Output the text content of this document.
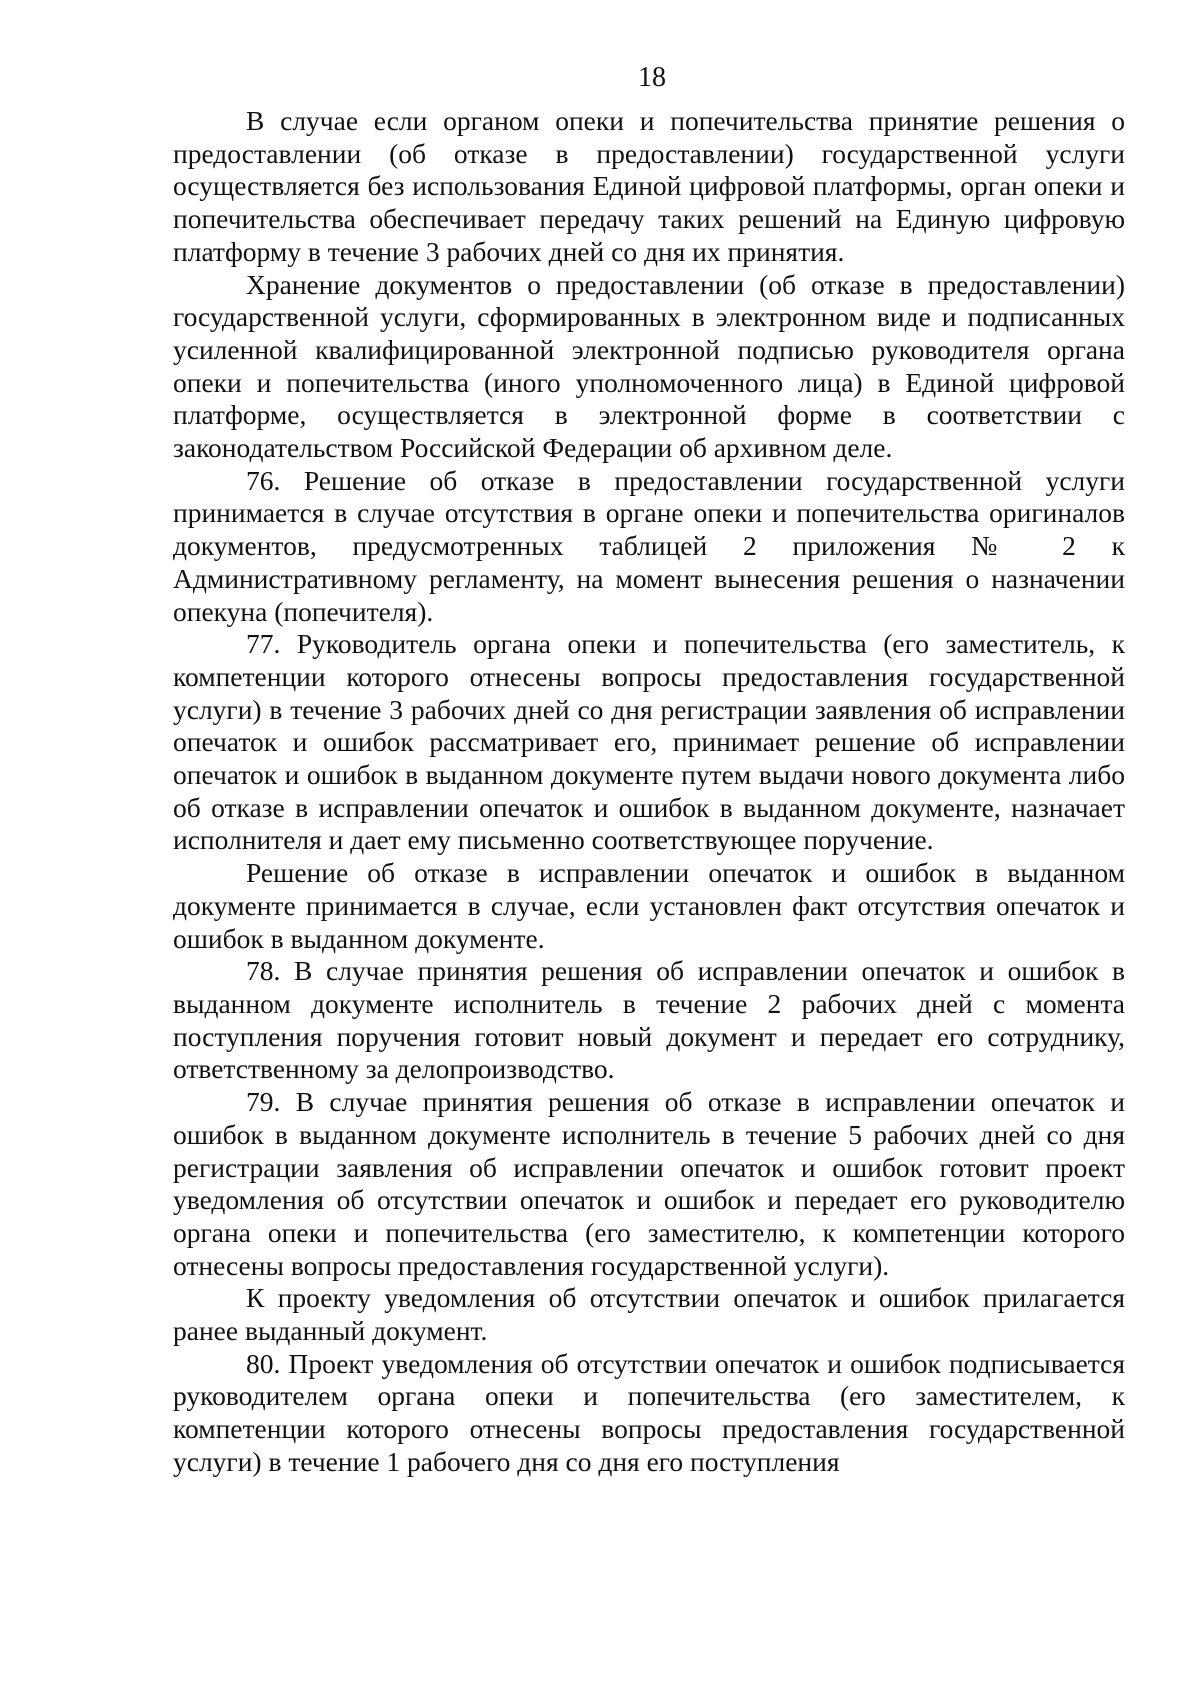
18

В случае если органом опеки и попечительства принятие решения о предоставлении (об отказе в предоставлении) государственной услуги осуществляется без использования Единой цифровой платформы, орган опеки и попечительства обеспечивает передачу таких решений на Единую цифровую платформу в течение 3 рабочих дней со дня их принятия.

Хранение документов о предоставлении (об отказе в предоставлении) государственной услуги, сформированных в электронном виде и подписанных усиленной квалифицированной электронной подписью руководителя органа опеки и попечительства (иного уполномоченного лица) в Единой цифровой платформе, осуществляется в электронной форме в соответствии с законодательством Российской Федерации об архивном деле.

76. Решение об отказе в предоставлении государственной услуги принимается в случае отсутствия в органе опеки и попечительства оригиналов документов, предусмотренных таблицей 2 приложения № 2 к Административному регламенту, на момент вынесения решения о назначении опекуна (попечителя).

77. Руководитель органа опеки и попечительства (его заместитель, к компетенции которого отнесены вопросы предоставления государственной услуги) в течение 3 рабочих дней со дня регистрации заявления об исправлении опечаток и ошибок рассматривает его, принимает решение об исправлении опечаток и ошибок в выданном документе путем выдачи нового документа либо об отказе в исправлении опечаток и ошибок в выданном документе, назначает исполнителя и дает ему письменно соответствующее поручение.

Решение об отказе в исправлении опечаток и ошибок в выданном документе принимается в случае, если установлен факт отсутствия опечаток и ошибок в выданном документе.

78. В случае принятия решения об исправлении опечаток и ошибок в выданном документе исполнитель в течение 2 рабочих дней с момента поступления поручения готовит новый документ и передает его сотруднику, ответственному за делопроизводство.

79. В случае принятия решения об отказе в исправлении опечаток и ошибок в выданном документе исполнитель в течение 5 рабочих дней со дня регистрации заявления об исправлении опечаток и ошибок готовит проект уведомления об отсутствии опечаток и ошибок и передает его руководителю органа опеки и попечительства (его заместителю, к компетенции которого отнесены вопросы предоставления государственной услуги).

К проекту уведомления об отсутствии опечаток и ошибок прилагается ранее выданный документ.

80. Проект уведомления об отсутствии опечаток и ошибок подписывается руководителем органа опеки и попечительства (его заместителем, к компетенции которого отнесены вопросы предоставления государственной услуги) в течение 1 рабочего дня со дня его поступления
